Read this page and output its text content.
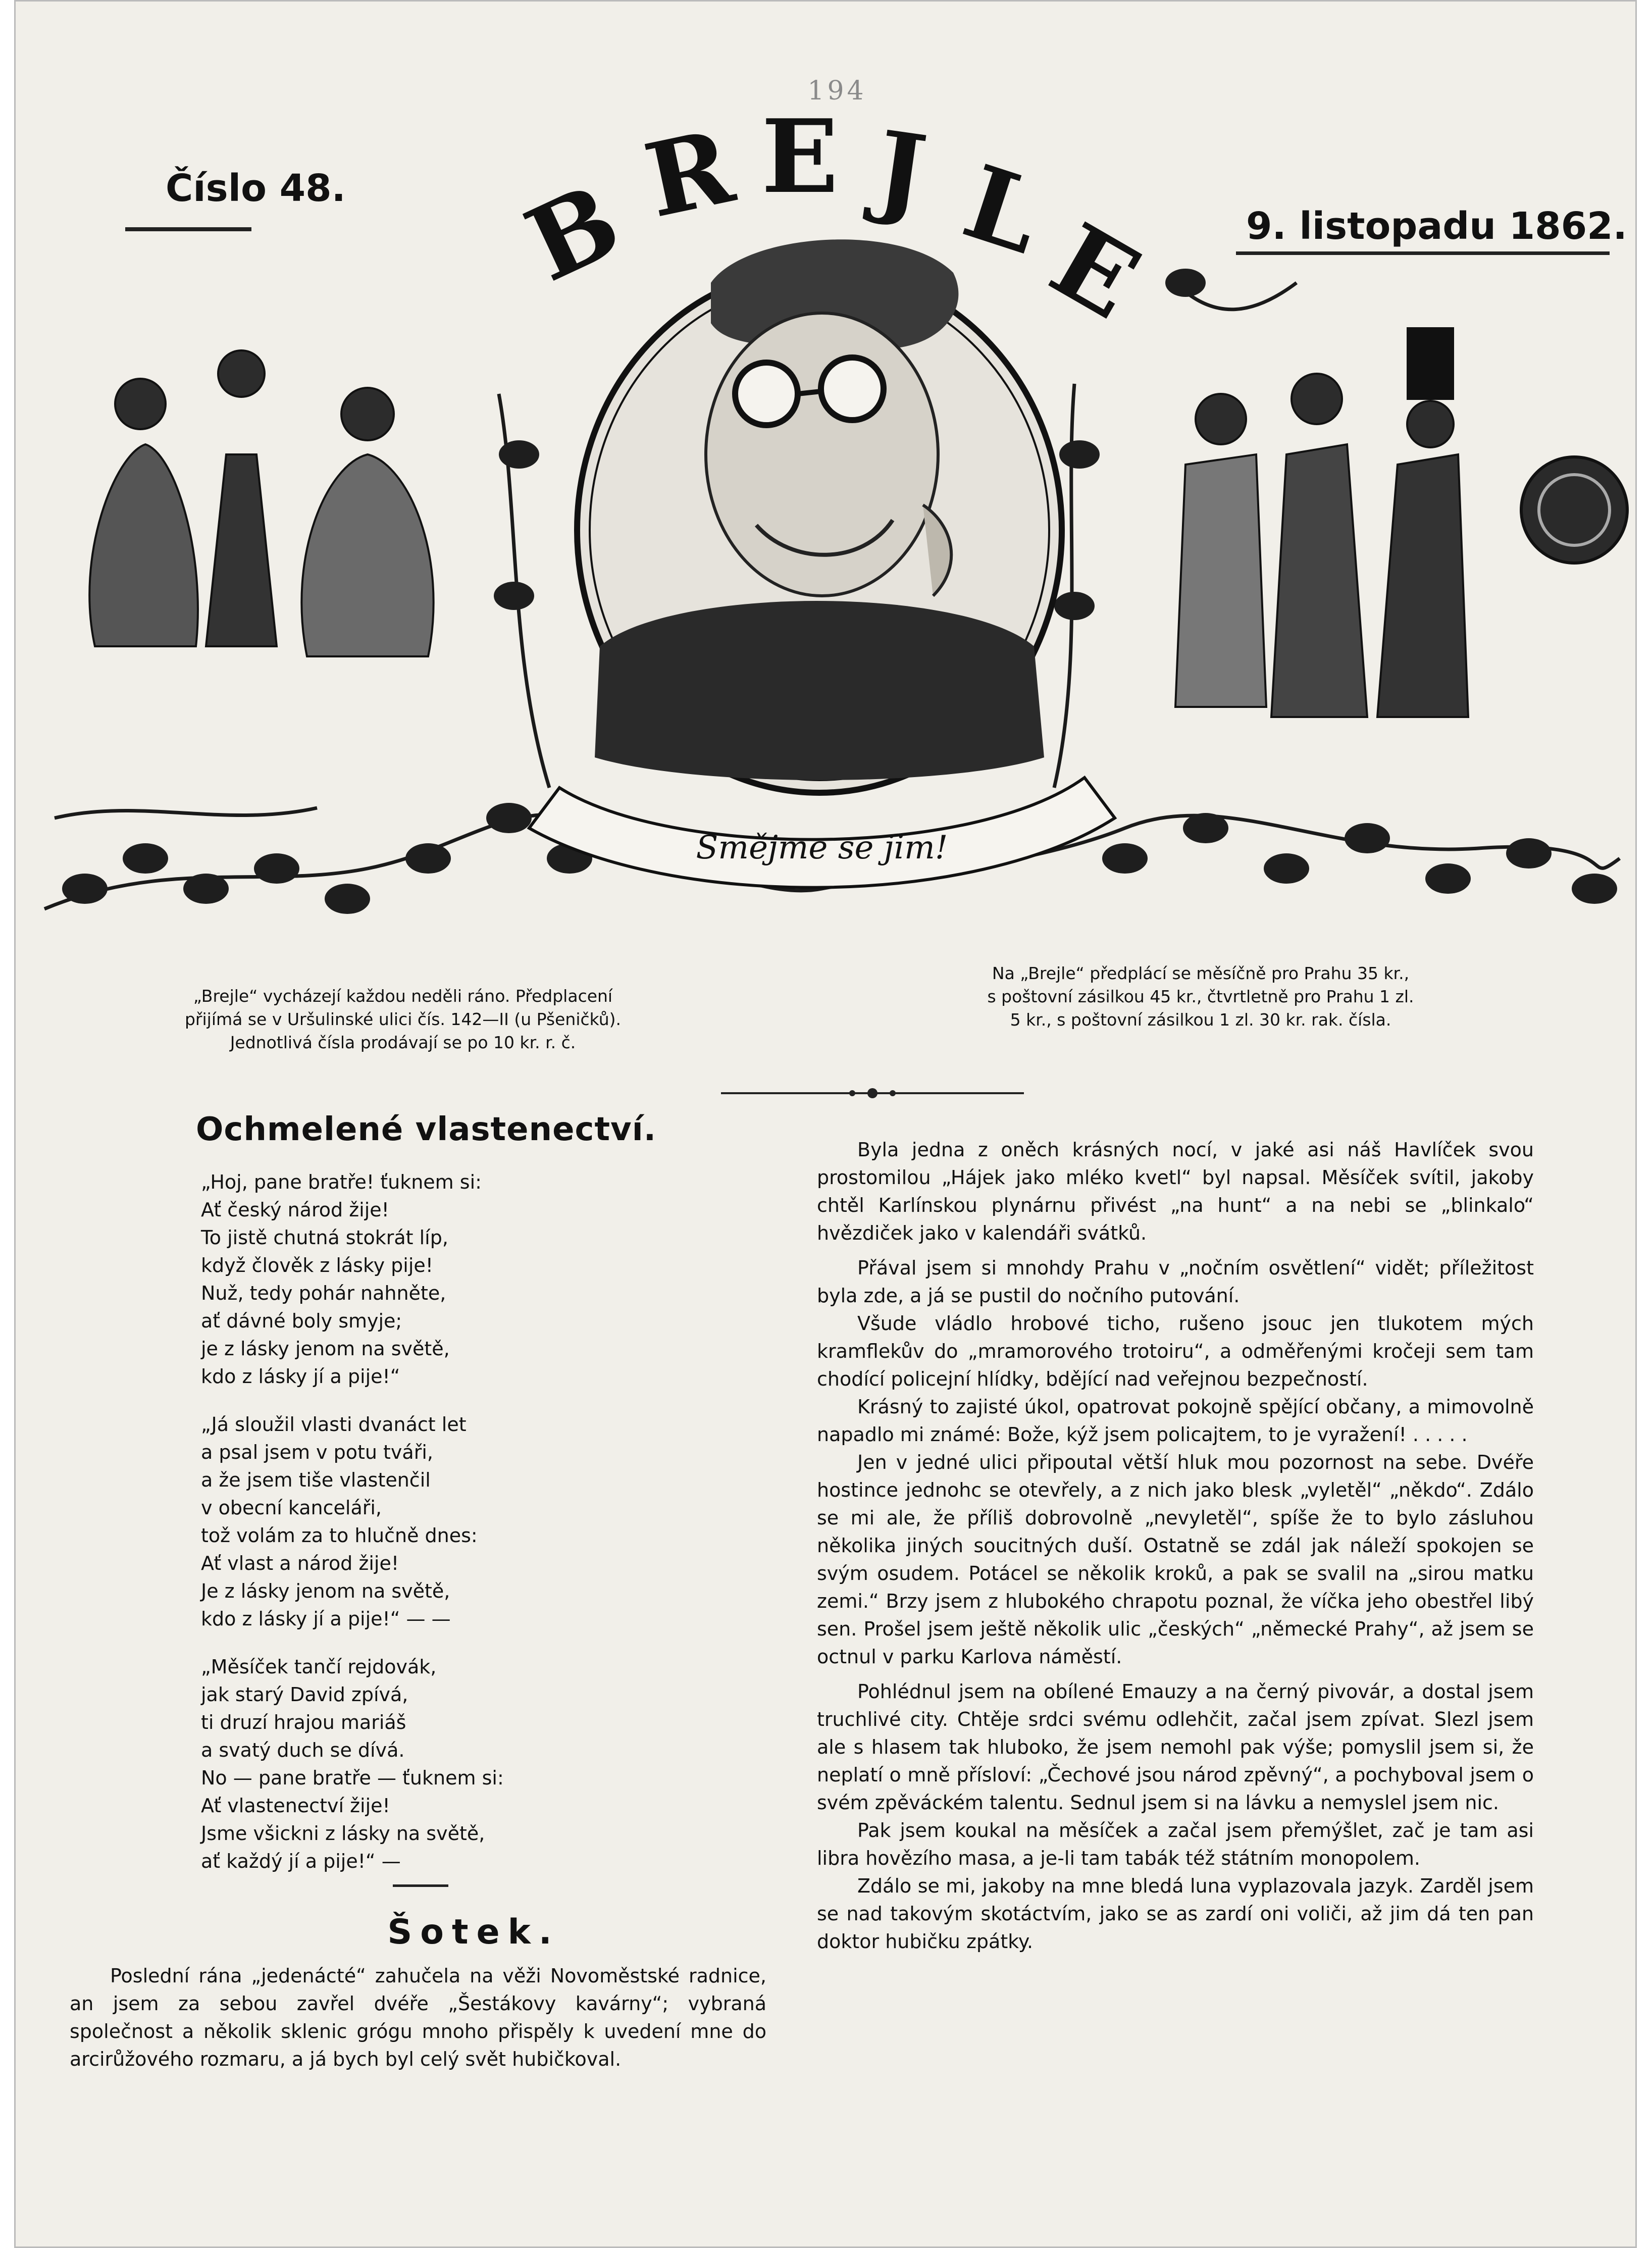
194
B
R E J L
E
Smějme se jim!
Číslo 48.
9. listopadu 1862.
„Brejle“ vycházejí každou neděli ráno. Předplacení
přijímá se v Uršulinské ulici čís. 142—II (u Pšeničků).
Jednotlivá čísla prodávají se po 10 kr. r. č.
Na „Brejle“ předplácí se měsíčně pro Prahu 35 kr.,
s poštovní zásilkou 45 kr., čtvrtletně pro Prahu 1 zl.
5 kr., s poštovní zásilkou 1 zl. 30 kr. rak. čísla.
Ochmelené vlastenectví.
„Hoj, pane bratře! ťuknem si:
Ať český národ žije!
To jistě chutná stokrát líp,
když člověk z lásky pije!
Nuž, tedy pohár nahněte,
ať dávné boly smyje;
je z lásky jenom na světě,
kdo z lásky jí a pije!“
„Já sloužil vlasti dvanáct let
a psal jsem v potu tváři,
a že jsem tiše vlastenčil
v obecní kanceláři,
tož volám za to hlučně dnes:
Ať vlast a národ žije!
Je z lásky jenom na světě,
kdo z lásky jí a pije!“ — —
„Měsíček tančí rejdovák,
jak starý David zpívá,
ti druzí hrajou mariáš
a svatý duch se dívá.
No — pane bratře — ťuknem si:
Ať vlastenectví žije!
Jsme všickni z lásky na světě,
ať každý jí a pije!“ —
Šotek.

Poslední rána „jedenácté“ zahučela na věži Novoměstské radnice, an jsem za sebou zavřel dvéře „Šestákovy kavárny“; vybraná společnost a několik sklenic grógu mnoho přispěly k uvedení mne do arcirůžového rozmaru, a já bych byl celý svět hubičkoval.

Byla jedna z oněch krásných nocí, v jaké asi náš Havlíček svou prostomilou „Hájek jako mléko kvetl“ byl napsal. Měsíček svítil, jakoby chtěl Karlínskou plynárnu přivést „na hunt“ a na nebi se „blinkalo“ hvězdiček jako v kalendáři svátků.

Přával jsem si mnohdy Prahu v „nočním osvětlení“ vidět; příležitost byla zde, a já se pustil do nočního putování.

Všude vládlo hrobové ticho, rušeno jsouc jen tlukotem mých kramflekův do „mramorového trotoiru“, a odměřenými kročeji sem tam chodící policejní hlídky, bdějící nad veřejnou bezpečností.

Krásný to zajisté úkol, opatrovat pokojně spějící občany, a mimovolně napadlo mi známé: Bože, kýž jsem policajtem, to je vyražení! . . . . .

Jen v jedné ulici připoutal větší hluk mou pozornost na sebe. Dvéře hostince jednohc se otevřely, a z nich jako blesk „vyletěl“ „někdo“. Zdálo se mi ale, že příliš dobrovolně „nevyletěl“, spíše že to bylo zásluhou několika jiných soucitných duší. Ostatně se zdál jak náleží spokojen se svým osudem. Potácel se několik kroků, a pak se svalil na „sirou matku zemi.“ Brzy jsem z hlubokého chrapotu poznal, že víčka jeho obestřel libý sen. Prošel jsem ještě několik ulic „českých“ „německé Prahy“, až jsem se octnul v parku Karlova náměstí.

Pohlédnul jsem na obílené Emauzy a na černý pivovár, a dostal jsem truchlivé city. Chtěje srdci svému odlehčit, začal jsem zpívat. Slezl jsem ale s hlasem tak hluboko, že jsem nemohl pak výše; pomyslil jsem si, že neplatí o mně přísloví: „Čechové jsou národ zpěvný“, a pochyboval jsem o svém zpěváckém talentu. Sednul jsem si na lávku a nemyslel jsem nic.

Pak jsem koukal na měsíček a začal jsem přemýšlet, zač je tam asi libra hovězího masa, a je-li tam tabák též státním monopolem.

Zdálo se mi, jakoby na mne bledá luna vyplazovala jazyk. Zarděl jsem se nad takovým skotáctvím, jako se as zardí oni voliči, až jim dá ten pan doktor hubičku zpátky.
